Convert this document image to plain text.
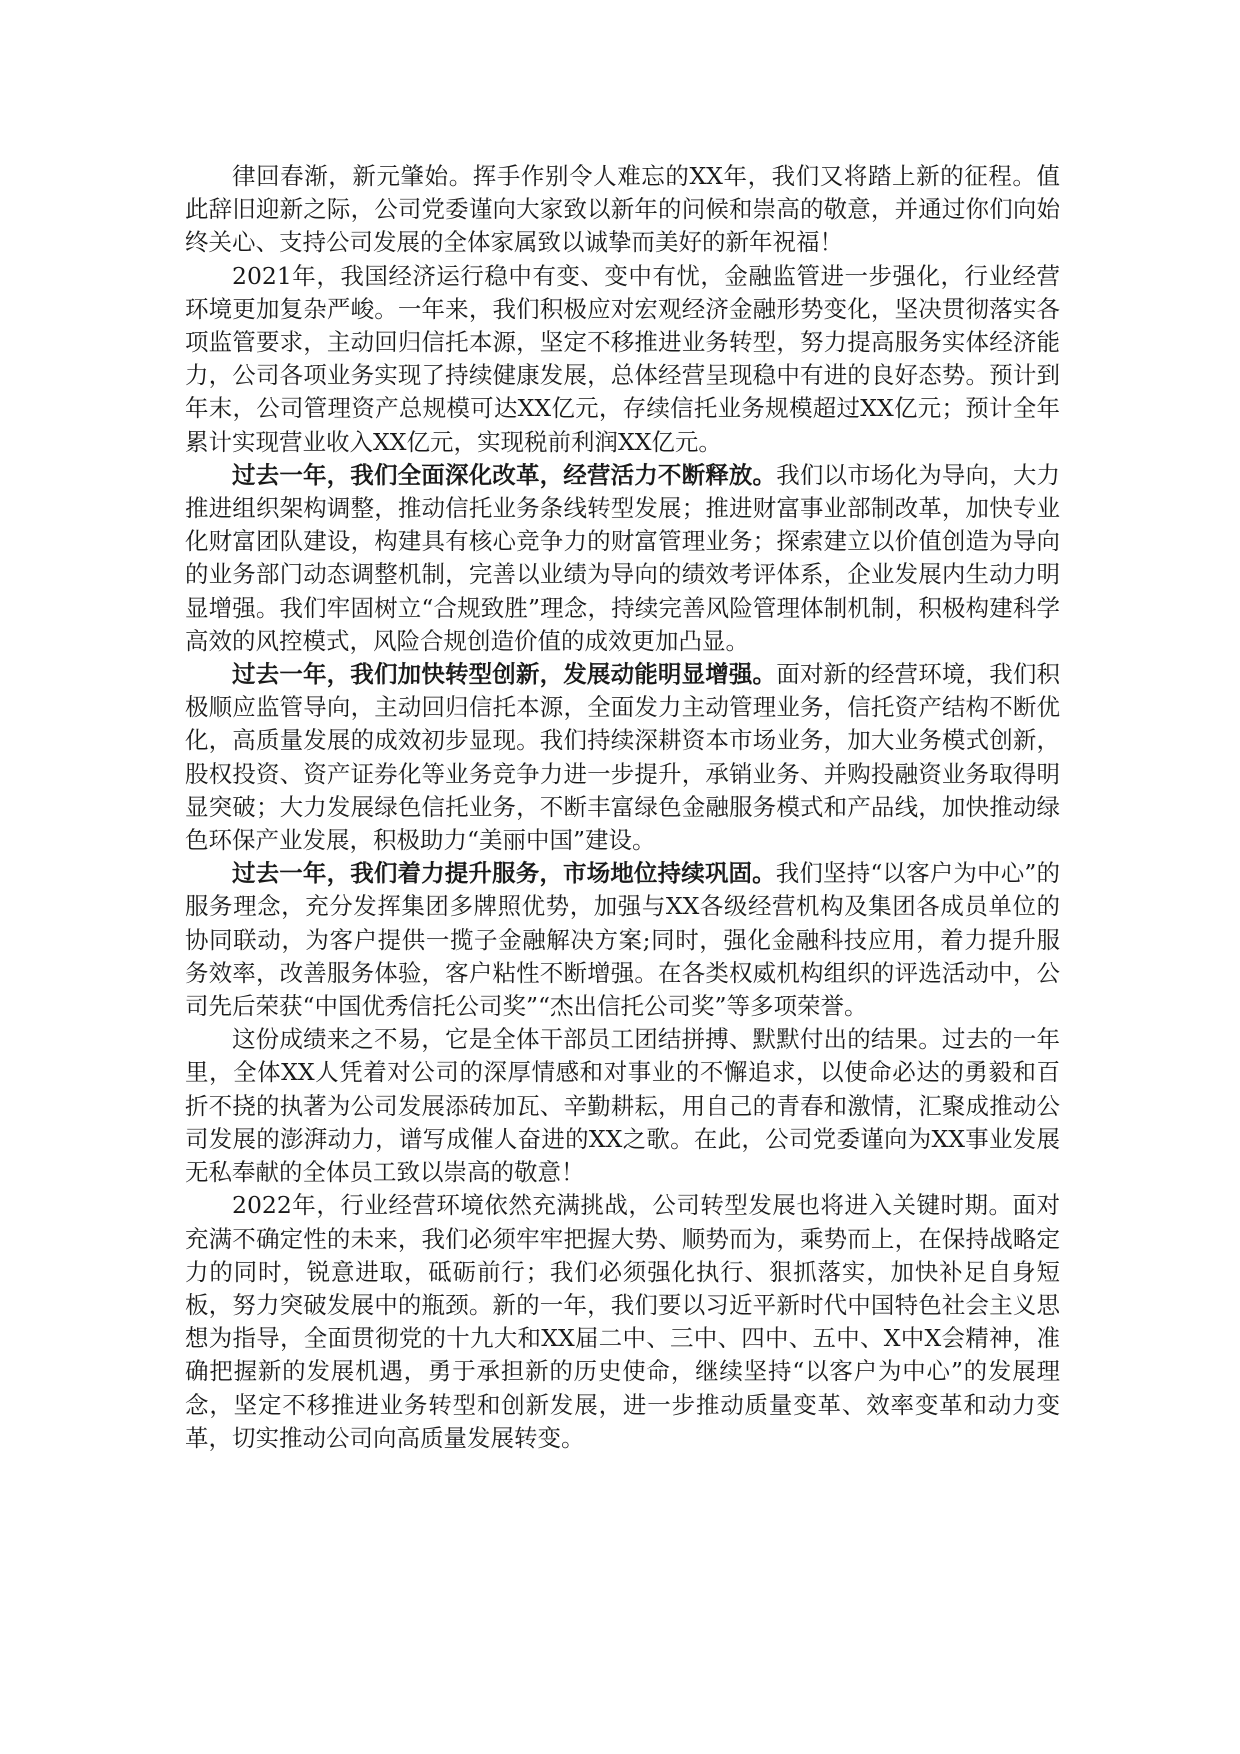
律回春渐，新元肇始。挥手作别令人难忘的XX年，我们又将踏上新的征程。值此辞旧迎新之际，公司党委谨向大家致以新年的问候和崇高的敬意，并通过你们向始终关心、支持公司发展的全体家属致以诚挚而美好的新年祝福！

2021年，我国经济运行稳中有变、变中有忧，金融监管进一步强化，行业经营环境更加复杂严峻。一年来，我们积极应对宏观经济金融形势变化，坚决贯彻落实各项监管要求，主动回归信托本源，坚定不移推进业务转型，努力提高服务实体经济能力，公司各项业务实现了持续健康发展，总体经营呈现稳中有进的良好态势。预计到年末，公司管理资产总规模可达XX亿元，存续信托业务规模超过XX亿元；预计全年累计实现营业收入XX亿元，实现税前利润XX亿元。

过去一年，我们全面深化改革，经营活力不断释放。我们以市场化为导向，大力推进组织架构调整，推动信托业务条线转型发展；推进财富事业部制改革，加快专业化财富团队建设，构建具有核心竞争力的财富管理业务；探索建立以价值创造为导向的业务部门动态调整机制，完善以业绩为导向的绩效考评体系，企业发展内生动力明显增强。我们牢固树立“合规致胜”理念，持续完善风险管理体制机制，积极构建科学高效的风控模式，风险合规创造价值的成效更加凸显。

过去一年，我们加快转型创新，发展动能明显增强。面对新的经营环境，我们积极顺应监管导向，主动回归信托本源，全面发力主动管理业务，信托资产结构不断优化，高质量发展的成效初步显现。我们持续深耕资本市场业务，加大业务模式创新，股权投资、资产证券化等业务竞争力进一步提升，承销业务、并购投融资业务取得明显突破；大力发展绿色信托业务，不断丰富绿色金融服务模式和产品线，加快推动绿色环保产业发展，积极助力“美丽中国”建设。

过去一年，我们着力提升服务，市场地位持续巩固。我们坚持“以客户为中心”的服务理念，充分发挥集团多牌照优势，加强与XX各级经营机构及集团各成员单位的协同联动，为客户提供一揽子金融解决方案;同时，强化金融科技应用，着力提升服务效率，改善服务体验，客户粘性不断增强。在各类权威机构组织的评选活动中，公司先后荣获“中国优秀信托公司奖”“杰出信托公司奖”等多项荣誉。

这份成绩来之不易，它是全体干部员工团结拼搏、默默付出的结果。过去的一年里，全体XX人凭着对公司的深厚情感和对事业的不懈追求，以使命必达的勇毅和百折不挠的执著为公司发展添砖加瓦、辛勤耕耘，用自己的青春和激情，汇聚成推动公司发展的澎湃动力，谱写成催人奋进的XX之歌。在此，公司党委谨向为XX事业发展无私奉献的全体员工致以崇高的敬意！

2022年，行业经营环境依然充满挑战，公司转型发展也将进入关键时期。面对充满不确定性的未来，我们必须牢牢把握大势、顺势而为，乘势而上，在保持战略定力的同时，锐意进取，砥砺前行；我们必须强化执行、狠抓落实，加快补足自身短板，努力突破发展中的瓶颈。新的一年，我们要以习近平新时代中国特色社会主义思想为指导，全面贯彻党的十九大和XX届二中、三中、四中、五中、X中X会精神，准确把握新的发展机遇，勇于承担新的历史使命，继续坚持“以客户为中心”的发展理念，坚定不移推进业务转型和创新发展，进一步推动质量变革、效率变革和动力变革，切实推动公司向高质量发展转变。
